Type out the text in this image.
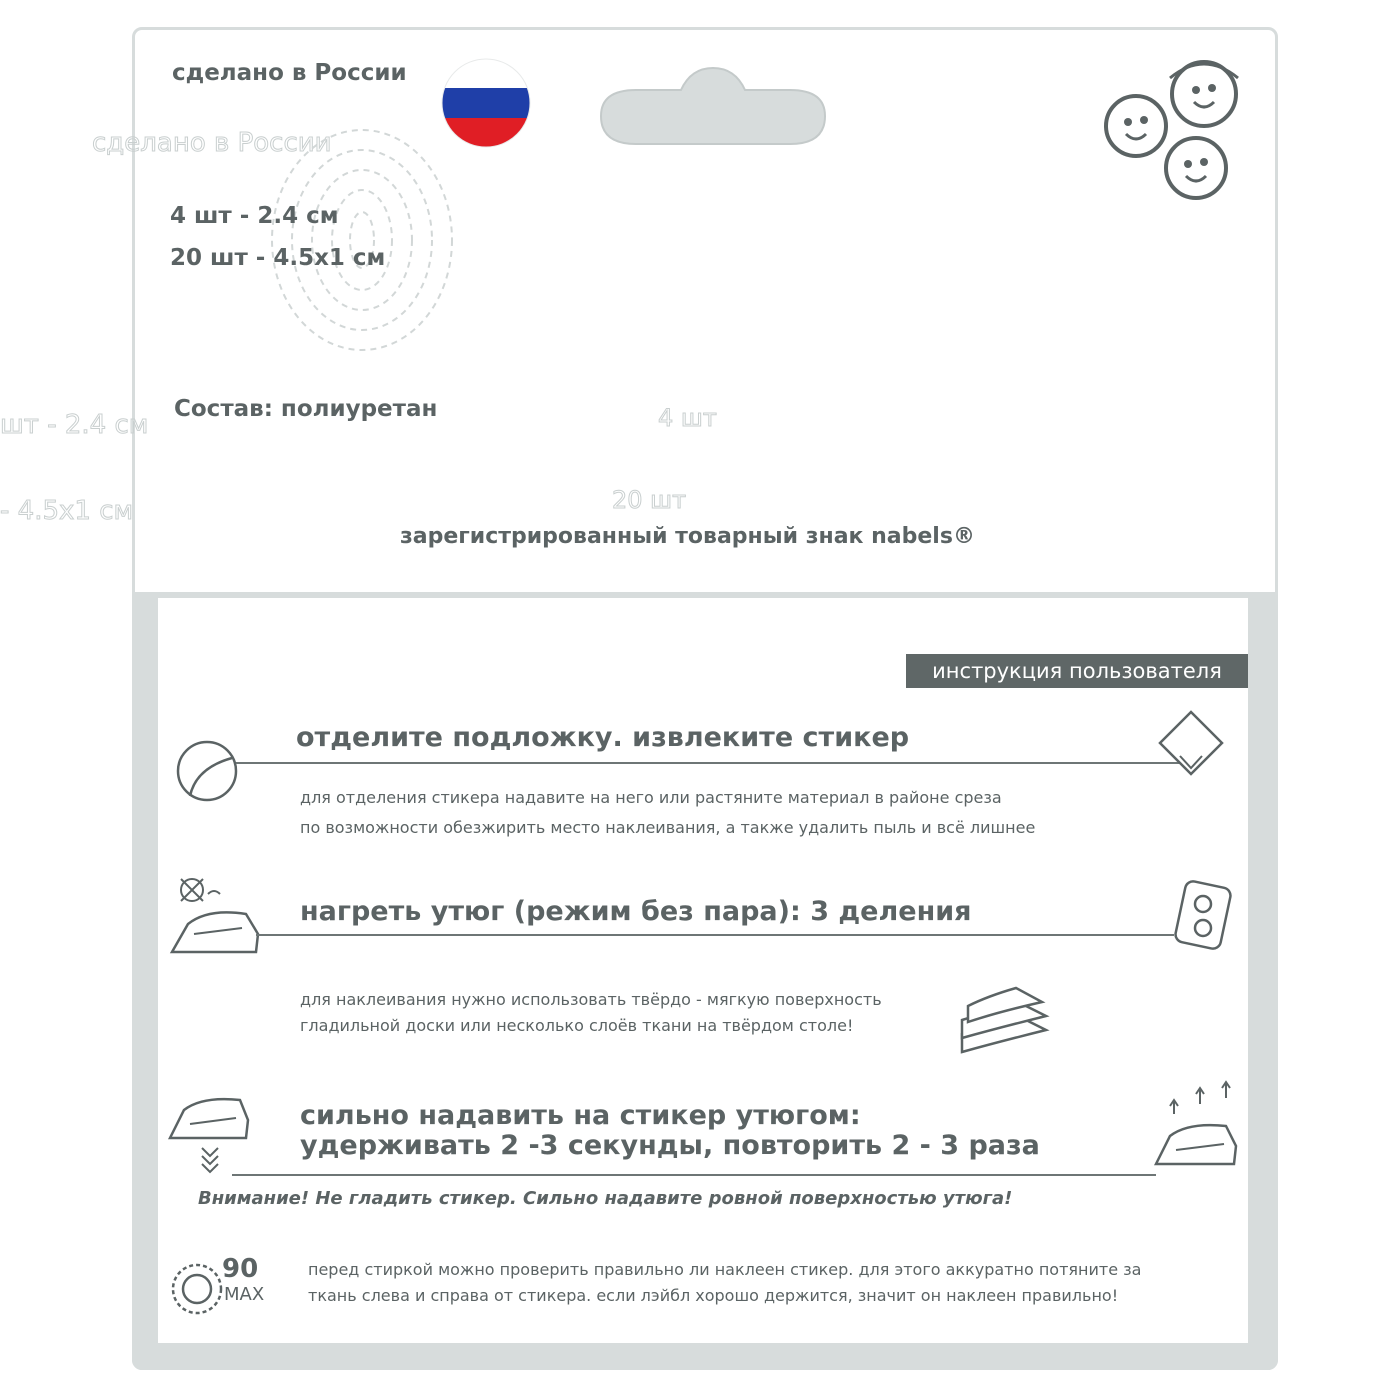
сделано в России
шт - 2.4 см
- 4.5x1 см
4 шт
20 шт
сделано в России
4 шт - 2.4 см
20 шт - 4.5x1 см
Состав: полиуретан
зарегистрированный товарный знак nabels®
инструкция пользователя
отделите подложку. извлеките стикер
для отделения стикера надавите на него или растяните материал в районе среза
по возможности обезжирить место наклеивания, а также удалить пыль и всё лишнее
нагреть утюг (режим без пара): 3 деления
для наклеивания нужно использовать твёрдо - мягкую поверхность
гладильной доски или несколько слоёв ткани на твёрдом столе!
сильно надавить на стикер утюгом:
удерживать 2 -3 секунды, повторить 2 - 3 раза
Внимание! Не гладить стикер. Сильно надавите ровной поверхностью утюга!
90
MAX
перед стиркой можно проверить правильно ли наклеен стикер. для этого аккуратно потяните за
ткань слева и справа от стикера. если лэйбл хорошо держится, значит он наклеен правильно!
